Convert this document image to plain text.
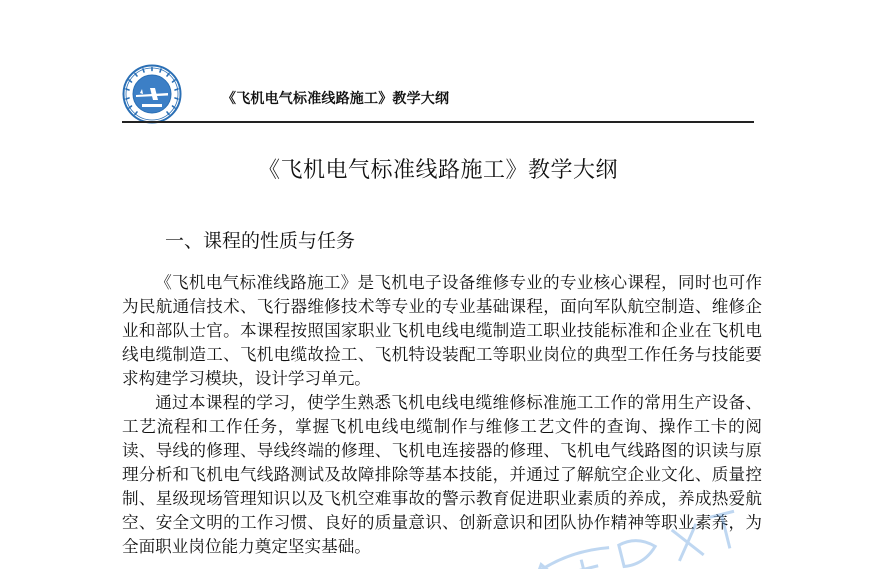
《飞机电气标准线路施工》教学大纲
《飞机电气标准线路施工》教学大纲
一、课程的性质与任务

《飞机电气标准线路施工》是飞机电子设备维修专业的专业核心课程，同时也可作为民航通信技术、飞行器维修技术等专业的专业基础课程，面向军队航空制造、维修企业和部队士官。本课程按照国家职业飞机电线电缆制造工职业技能标准和企业在飞机电线电缆制造工、飞机电缆故捡工、飞机特设装配工等职业岗位的典型工作任务与技能要求构建学习模块，设计学习单元。

通过本课程的学习，使学生熟悉飞机电线电缆维修标准施工工作的常用生产设备、工艺流程和工作任务，掌握飞机电线电缆制作与维修工艺文件的查询、操作工卡的阅读、导线的修理、导线终端的修理、飞机电连接器的修理、飞机电气线路图的识读与原理分析和飞机电气线路测试及故障排除等基本技能，并通过了解航空企业文化、质量控制、星级现场管理知识以及飞机空难事故的警示教育促进职业素质的养成，养成热爱航空、安全文明的工作习惯、良好的质量意识、创新意识和团队协作精神等职业素养，为全面职业岗位能力奠定坚实基础。
